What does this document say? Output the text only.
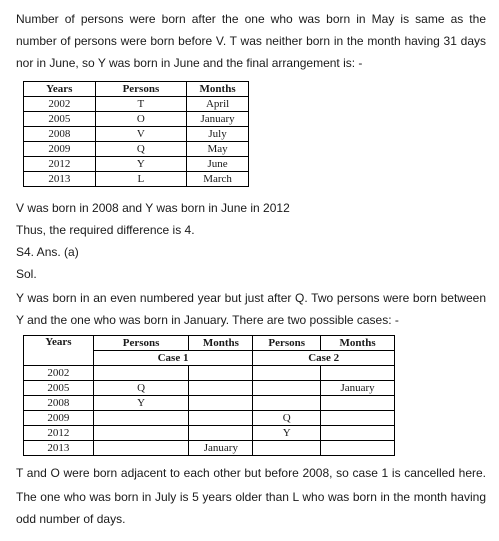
Number of persons were born after the one who was born in May is same as the
number of persons were born before V. T was neither born in the month having 31 days
nor in June, so Y was born in June and the final arrangement is: -
Years	Persons	Months
2002	T	April
2005	O	January
2008	V	July
2009	Q	May
2012	Y	June
2013	L	March
V was born in 2008 and Y was born in June in 2012
Thus, the required difference is 4.
S4. Ans. (a)
Sol.
Y was born in an even numbered year but just after Q. Two persons were born between
Y and the one who was born in January. There are two possible cases: -
Years	Persons	Months	Persons	Months
	Case 1		Case 2	
2002				
2005	Q			January
2008	Y			
2009			Q	
2012			Y	
2013		January		
T and O were born adjacent to each other but before 2008, so case 1 is cancelled here.
The one who was born in July is 5 years older than L who was born in the month having
odd number of days.
